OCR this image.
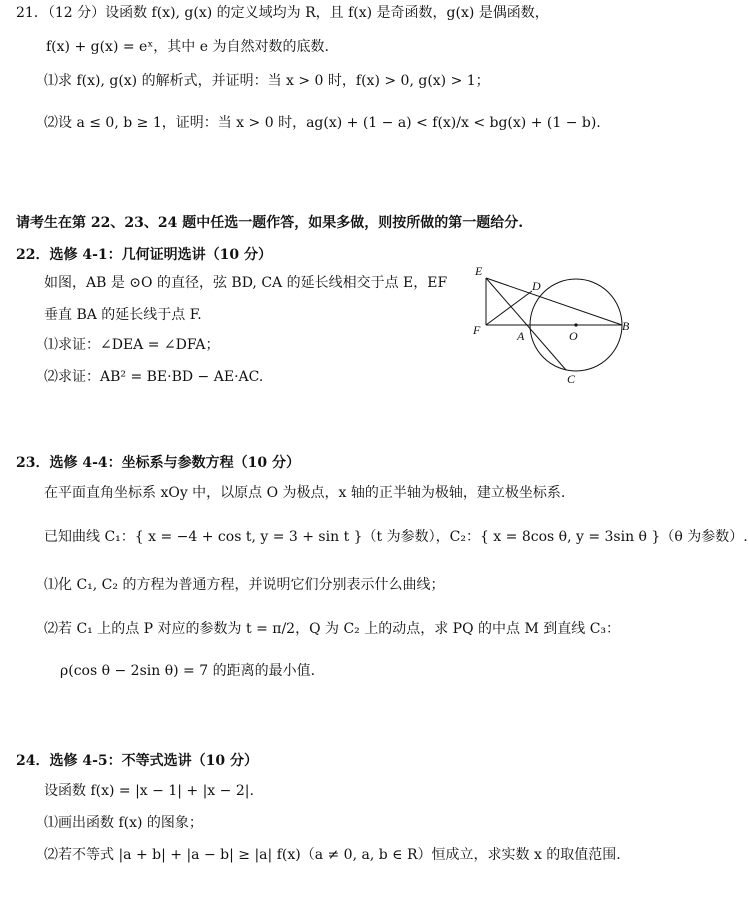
21．（12 分）设函数 f(x), g(x) 的定义域均为 R，且 f(x) 是奇函数，g(x) 是偶函数，
f(x) + g(x) = eˣ，其中 e 为自然对数的底数.
⑴求 f(x), g(x) 的解析式，并证明：当 x > 0 时，f(x) > 0, g(x) > 1；
⑵设 a ≤ 0, b ≥ 1，证明：当 x > 0 时，ag(x) + (1 − a) < f(x)/x < bg(x) + (1 − b).
请考生在第 22、23、24 题中任选一题作答，如果多做，则按所做的第一题给分.
22．选修 4-1：几何证明选讲（10 分）
如图，AB 是 ⊙O 的直径，弦 BD, CA 的延长线相交于点 E，EF
垂直 BA 的延长线于点 F.
⑴求证：∠DEA = ∠DFA；
⑵求证：AB² = BE·BD − AE·AC.
E
D
F	A	O
B
C
23．选修 4-4：坐标系与参数方程（10 分）
在平面直角坐标系 xOy 中，以原点 O 为极点，x 轴的正半轴为极轴，建立极坐标系.
已知曲线 C₁：{ x = −4 + cos t, y = 3 + sin t }（t 为参数），C₂：{ x = 8cos θ, y = 3sin θ }（θ 为参数）.
⑴化 C₁, C₂ 的方程为普通方程，并说明它们分别表示什么曲线；
⑵若 C₁ 上的点 P 对应的参数为 t = π/2，Q 为 C₂ 上的动点，求 PQ 的中点 M 到直线 C₃：
ρ(cos θ − 2sin θ) = 7 的距离的最小值.
24．选修 4-5：不等式选讲（10 分）
设函数 f(x) = |x − 1| + |x − 2|.
⑴画出函数 f(x) 的图象；
⑵若不等式 |a + b| + |a − b| ≥ |a| f(x)（a ≠ 0, a, b ∈ R）恒成立，求实数 x 的取值范围.
